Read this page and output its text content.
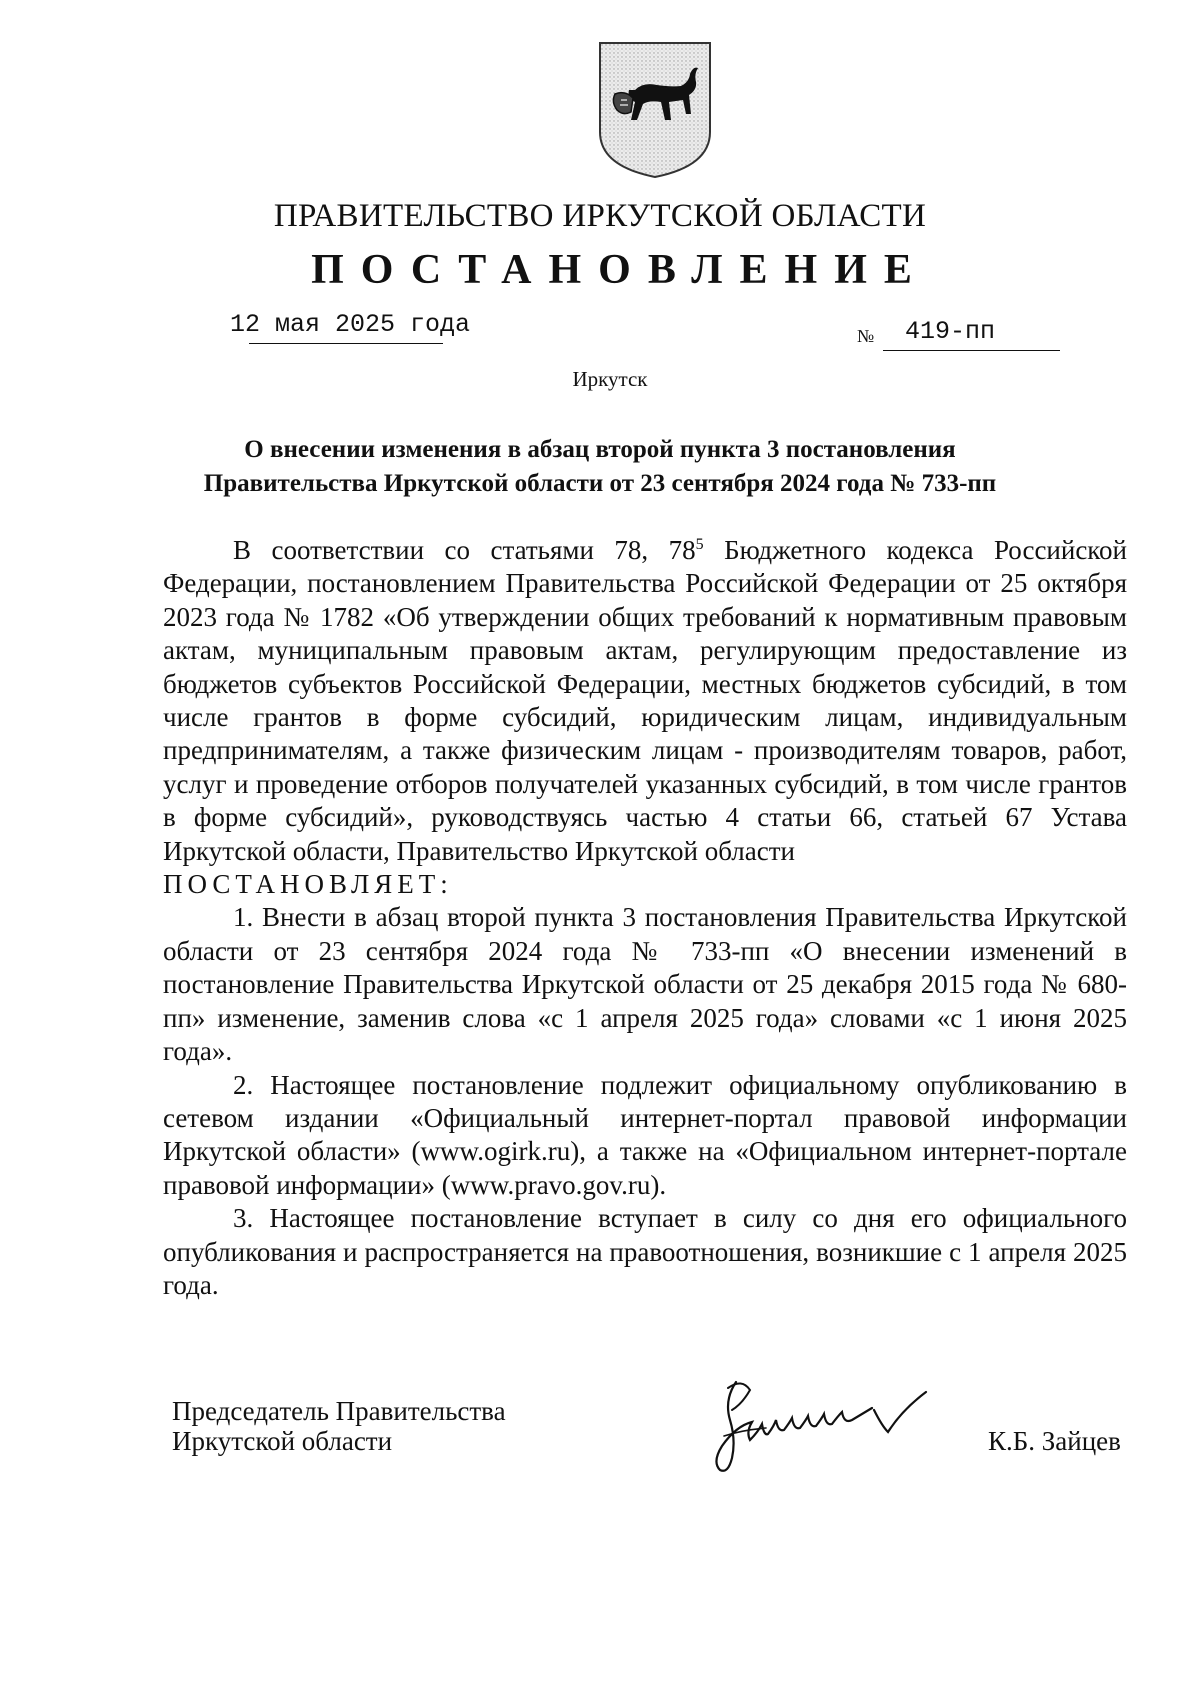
ПРАВИТЕЛЬСТВО ИРКУТСКОЙ ОБЛАСТИ
ПОСТАНОВЛЕНИЕ
12 мая 2025 года	№ 419-пп
Иркутск
О внесении изменения в абзац второй пункта 3 постановления
Правительства Иркутской области от 23 сентября 2024 года № 733-пп

В соответствии со статьями 78, $78^5$ Бюджетного кодекса Российской Федерации, постановлением Правительства Российской Федерации от 25 октября 2023 года № 1782 «Об утверждении общих требований к нормативным правовым актам, муниципальным правовым актам, регулирующим предоставление из бюджетов субъектов Российской Федерации, местных бюджетов субсидий, в том числе грантов в форме субсидий, юридическим лицам, индивидуальным предпринимателям, а также физическим лицам - производителям товаров, работ, услуг и проведение отборов получателей указанных субсидий, в том числе грантов в форме субсидий», руководствуясь частью 4 статьи 66, статьей 67 Устава Иркутской области, Правительство Иркутской области

ПОСТАНОВЛЯЕТ:

1. Внести в абзац второй пункта 3 постановления Правительства Иркутской области от 23 сентября 2024 года № 733-пп «О внесении изменений в постановление Правительства Иркутской области от 25 декабря 2015 года № 680-пп» изменение, заменив слова «с 1 апреля 2025 года» словами «с 1 июня 2025 года».

2. Настоящее постановление подлежит официальному опубликованию в сетевом издании «Официальный интернет-портал правовой информации Иркутской области» (www.ogirk.ru), а также на «Официальном интернет-портале правовой информации» (www.pravo.gov.ru).

3. Настоящее постановление вступает в силу со дня его официального опубликования и распространяется на правоотношения, возникшие с 1 апреля 2025 года.

Председатель Правительства
Иркутской области	К.Б. Зайцев
